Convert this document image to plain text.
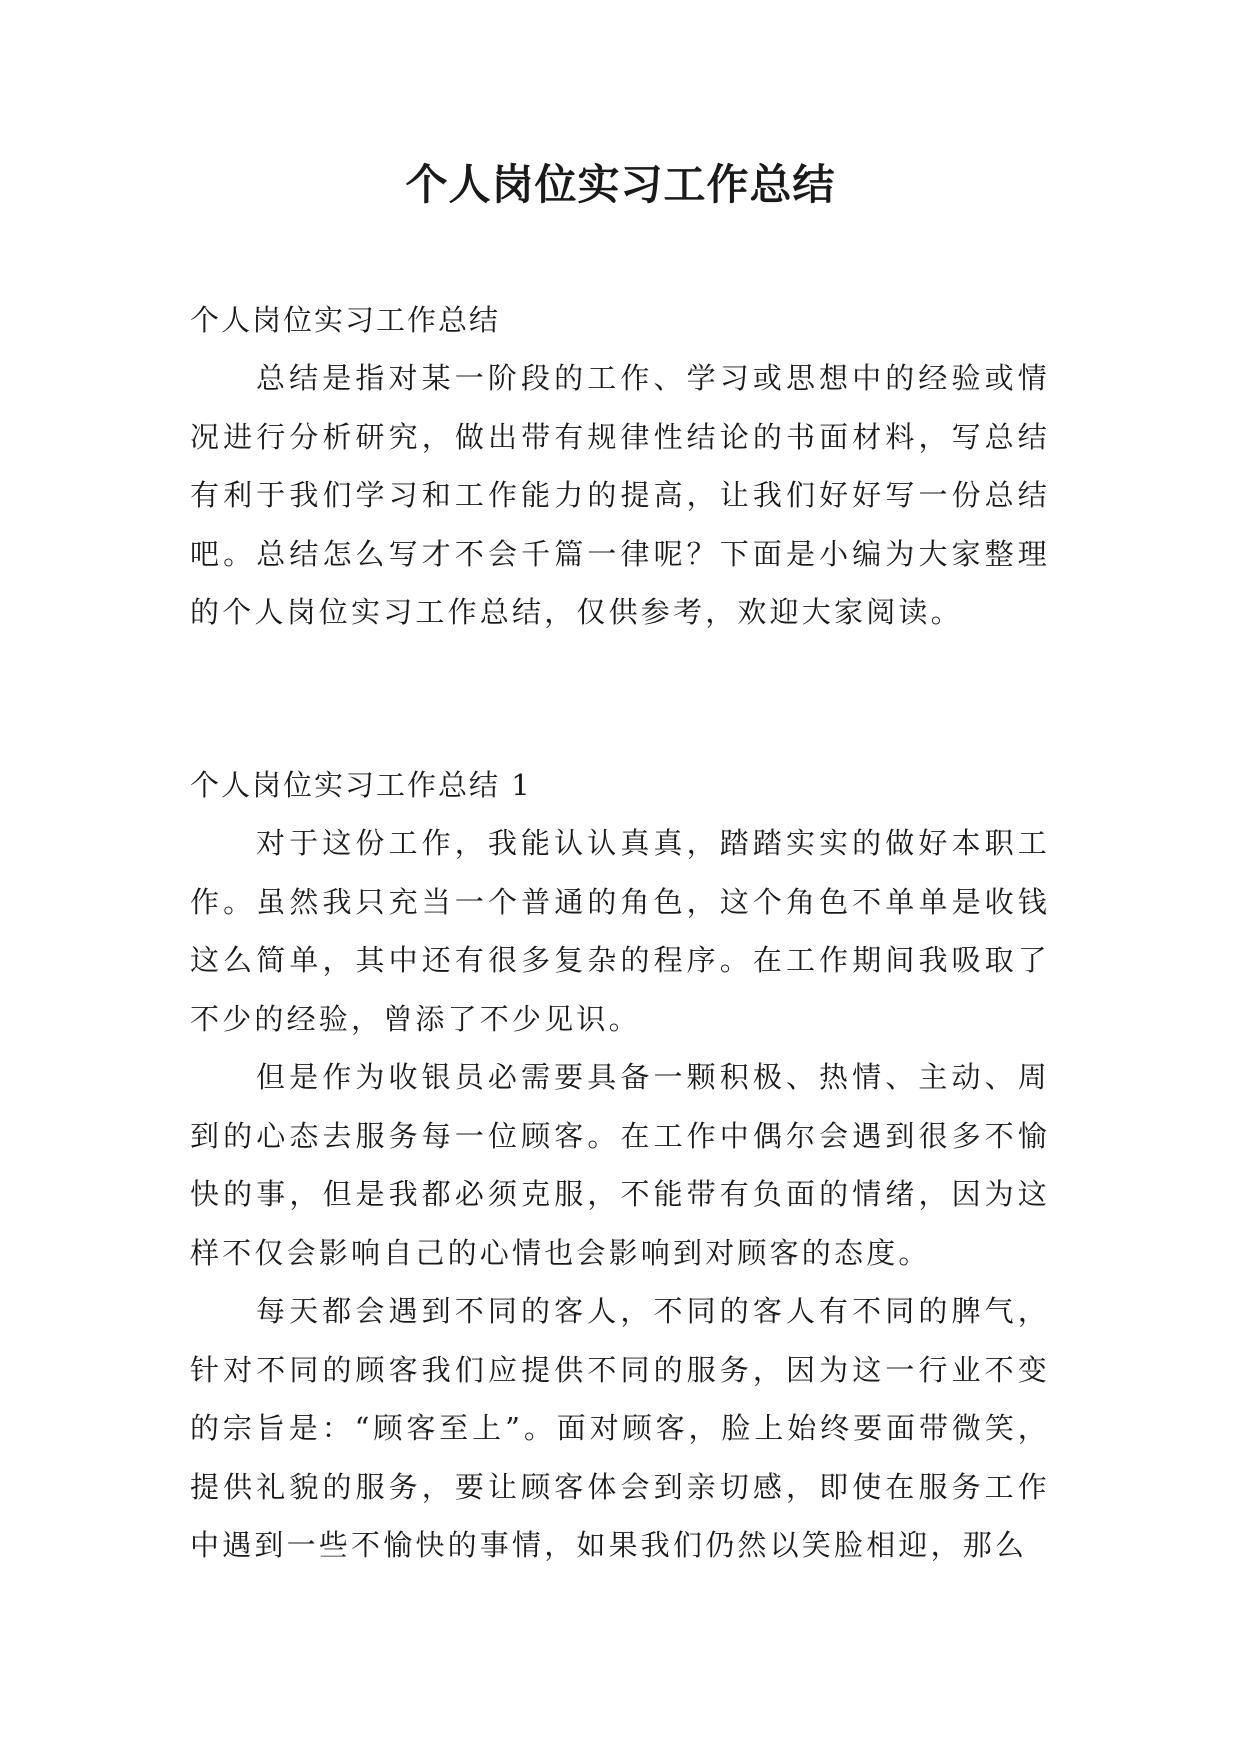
个人岗位实习工作总结

个人岗位实习工作总结

总结是指对某一阶段的工作、学习或思想中的经验或情况进行分析研究，做出带有规律性结论的书面材料，写总结有利于我们学习和工作能力的提高，让我们好好写一份总结吧。总结怎么写才不会千篇一律呢？下面是小编为大家整理的个人岗位实习工作总结，仅供参考，欢迎大家阅读。

个人岗位实习工作总结 1

对于这份工作，我能认认真真，踏踏实实的做好本职工作。虽然我只充当一个普通的角色，这个角色不单单是收钱这么简单，其中还有很多复杂的程序。在工作期间我吸取了不少的经验，曾添了不少见识。

但是作为收银员必需要具备一颗积极、热情、主动、周到的心态去服务每一位顾客。在工作中偶尔会遇到很多不愉快的事，但是我都必须克服，不能带有负面的情绪，因为这样不仅会影响自己的心情也会影响到对顾客的态度。

每天都会遇到不同的客人，不同的客人有不同的脾气，针对不同的顾客我们应提供不同的服务，因为这一行业不变的宗旨是：“顾客至上”。面对顾客，脸上始终要面带微笑，提供礼貌的服务，要让顾客体会到亲切感，即使在服务工作中遇到一些不愉快的事情，如果我们仍然以笑脸相迎，那么
